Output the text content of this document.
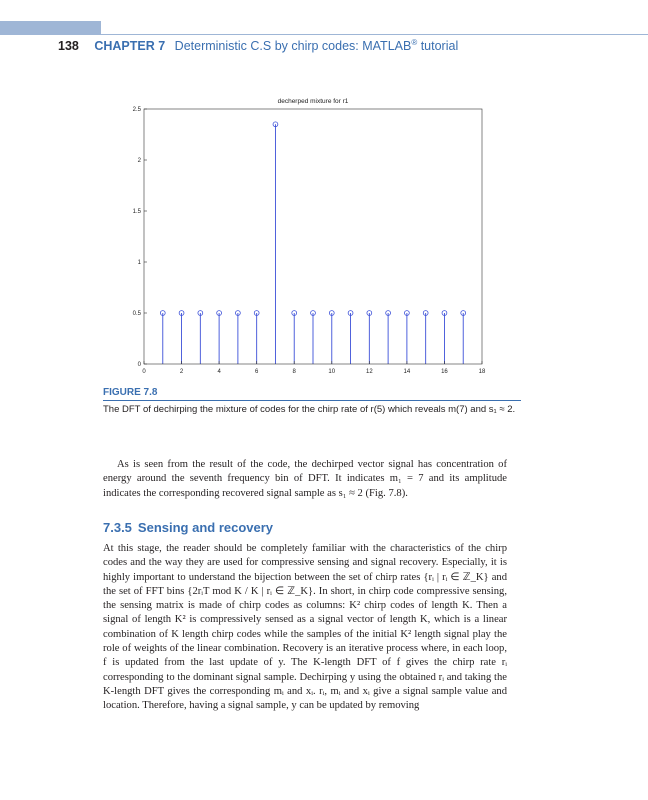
138 CHAPTER 7 Deterministic C.S by chirp codes: MATLAB® tutorial
decherped mixture for r1
0	2	4	6	8	10	12	14	16	18
0
0.5
1
1.5
2
2.5
FIGURE 7.8
The DFT of dechirping the mixture of codes for the chirp rate of r(5) which reveals m(7) and s₁ ≈ 2.
As is seen from the result of the code, the dechirped vector signal has concentration of energy around the seventh frequency bin of DFT. It indicates m₁ = 7 and its amplitude indicates the corresponding recovered signal sample as s₁ ≈ 2 (Fig. 7.8).
7.3.5 Sensing and recovery
At this stage, the reader should be completely familiar with the characteristics of the chirp codes and the way they are used for compressive sensing and signal recovery. Especially, it is highly important to understand the bijection between the set of chirp rates {rᵢ | rᵢ ∈ ℤ_K} and the set of FFT bins {2rᵢT mod K / K | rᵢ ∈ ℤ_K}. In short, in chirp code compressive sensing, the sensing matrix is made of chirp codes as columns: K² chirp codes of length K. Then a signal of length K² is compressively sensed as a signal vector of length K, which is a linear combination of K length chirp codes while the samples of the initial K² length signal play the role of weights of the linear combination. Recovery is an iterative process where, in each loop, f is updated from the last update of y. The K-length DFT of f gives the chirp rate rᵢ corresponding to the dominant signal sample. Dechirping y using the obtained rᵢ and taking the K-length DFT gives the corresponding mᵢ and xᵢ. rᵢ, mᵢ and xᵢ give a signal sample value and location. Therefore, having a signal sample, y can be updated by removing
